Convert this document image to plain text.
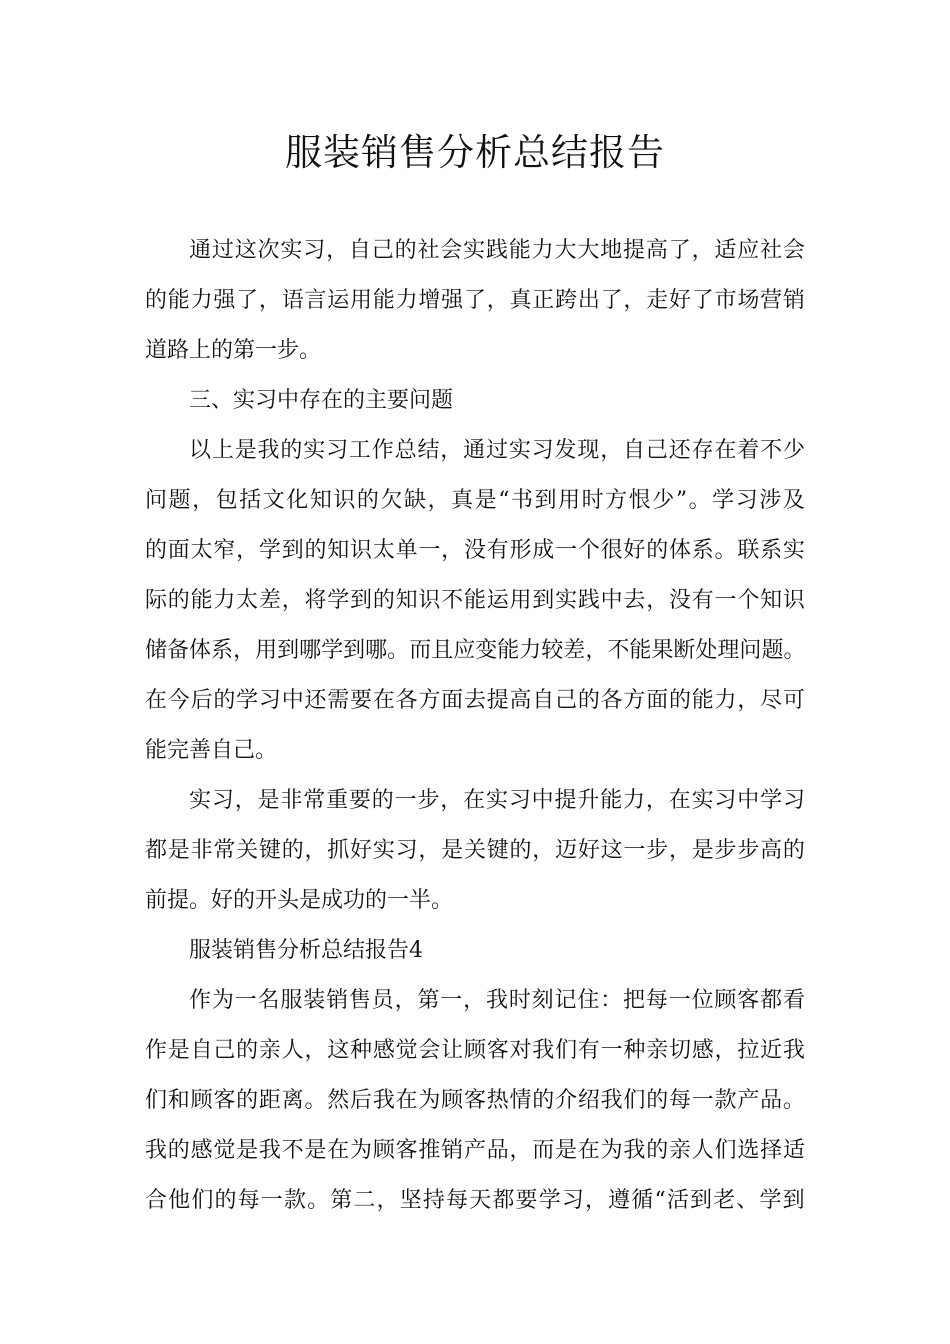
服装销售分析总结报告
通 过 这 次 实 习 ， 自 己 的 社 会 实 践 能 力 大 大 地 提 高 了 ， 适 应 社 会
的 能 力 强 了 ， 语 言 运 用 能 力 增 强 了 ， 真 正 跨 出 了 ， 走 好 了 市 场 营 销
道路上的第一步。
三、实习中存在的主要问题
以 上 是 我 的 实 习 工 作 总 结 ， 通 过 实 习 发 现 ， 自 己 还 存 在 着 不 少
问 题 ， 包 括 文 化 知 识 的 欠 缺 ， 真 是 “ 书 到 用 时 方 恨 少 ” 。 学 习 涉 及
的 面 太 窄 ， 学 到 的 知 识 太 单 一 ， 没 有 形 成 一 个 很 好 的 体 系 。 联 系 实
际 的 能 力 太 差 ， 将 学 到 的 知 识 不 能 运 用 到 实 践 中 去 ， 没 有 一 个 知 识
储 备 体 系 ， 用 到 哪 学 到 哪 。 而 且 应 变 能 力 较 差 ， 不 能 果 断 处 理 问 题 。
在 今 后 的 学 习 中 还 需 要 在 各 方 面 去 提 高 自 己 的 各 方 面 的 能 力 ， 尽 可
能完善自己。
实 习 ， 是 非 常 重 要 的 一 步 ， 在 实 习 中 提 升 能 力 ， 在 实 习 中 学 习
都 是 非 常 关 键 的 ， 抓 好 实 习 ， 是 关 键 的 ， 迈 好 这 一 步 ， 是 步 步 高 的
前提。好的开头是成功的一半。
服装销售分析总结报告4
作 为 一 名 服 装 销 售 员 ， 第 一 ， 我 时 刻 记 住 ： 把 每 一 位 顾 客 都 看
作 是 自 己 的 亲 人 ， 这 种 感 觉 会 让 顾 客 对 我 们 有 一 种 亲 切 感 ， 拉 近 我
们 和 顾 客 的 距 离 。 然 后 我 在 为 顾 客 热 情 的 介 绍 我 们 的 每 一 款 产 品 。
我 的 感 觉 是 我 不 是 在 为 顾 客 推 销 产 品 ， 而 是 在 为 我 的 亲 人 们 选 择 适
合 他 们 的 每 一 款 。 第 二 ， 坚 持 每 天 都 要 学 习 ， 遵 循 “ 活 到 老 、 学 到
